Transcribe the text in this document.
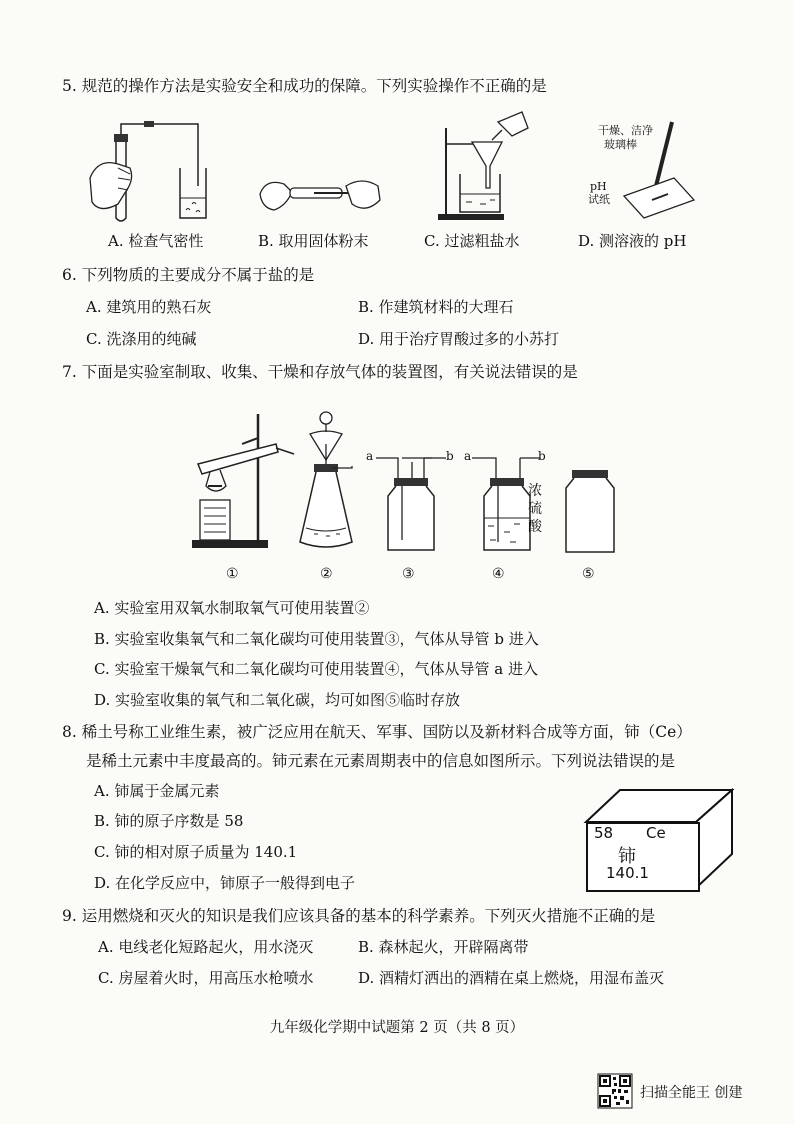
5. 规范的操作方法是实验安全和成功的保障。下列实验操作不正确的是
干燥、洁净
玻璃棒
pH
试纸
A. 检查气密性	B. 取用固体粉末	C. 过滤粗盐水	D. 测溶液的 pH
6. 下列物质的主要成分不属于盐的是
A. 建筑用的熟石灰	B. 作建筑材料的大理石
C. 洗涤用的纯碱	D. 用于治疗胃酸过多的小苏打
7. 下面是实验室制取、收集、干燥和存放气体的装置图，有关说法错误的是
a	b a	b
浓
硫
酸
①	②	③	④	⑤
A. 实验室用双氧水制取氧气可使用装置②
B. 实验室收集氧气和二氧化碳均可使用装置③，气体从导管 b 进入
C. 实验室干燥氧气和二氧化碳均可使用装置④，气体从导管 a 进入
D. 实验室收集的氧气和二氧化碳，均可如图⑤临时存放
8. 稀土号称工业维生素，被广泛应用在航天、军事、国防以及新材料合成等方面，铈（Ce）
是稀土元素中丰度最高的。铈元素在元素周期表中的信息如图所示。下列说法错误的是
A. 铈属于金属元素
B. 铈的原子序数是 58
C. 铈的相对原子质量为 140.1
D. 在化学反应中，铈原子一般得到电子
58 Ce
铈
140.1
9. 运用燃烧和灭火的知识是我们应该具备的基本的科学素养。下列灭火措施不正确的是
A. 电线老化短路起火，用水浇灭	B. 森林起火，开辟隔离带
C. 房屋着火时，用高压水枪喷水	D. 酒精灯洒出的酒精在桌上燃烧，用湿布盖灭
九年级化学期中试题第 2 页（共 8 页）
扫描全能王 创建
